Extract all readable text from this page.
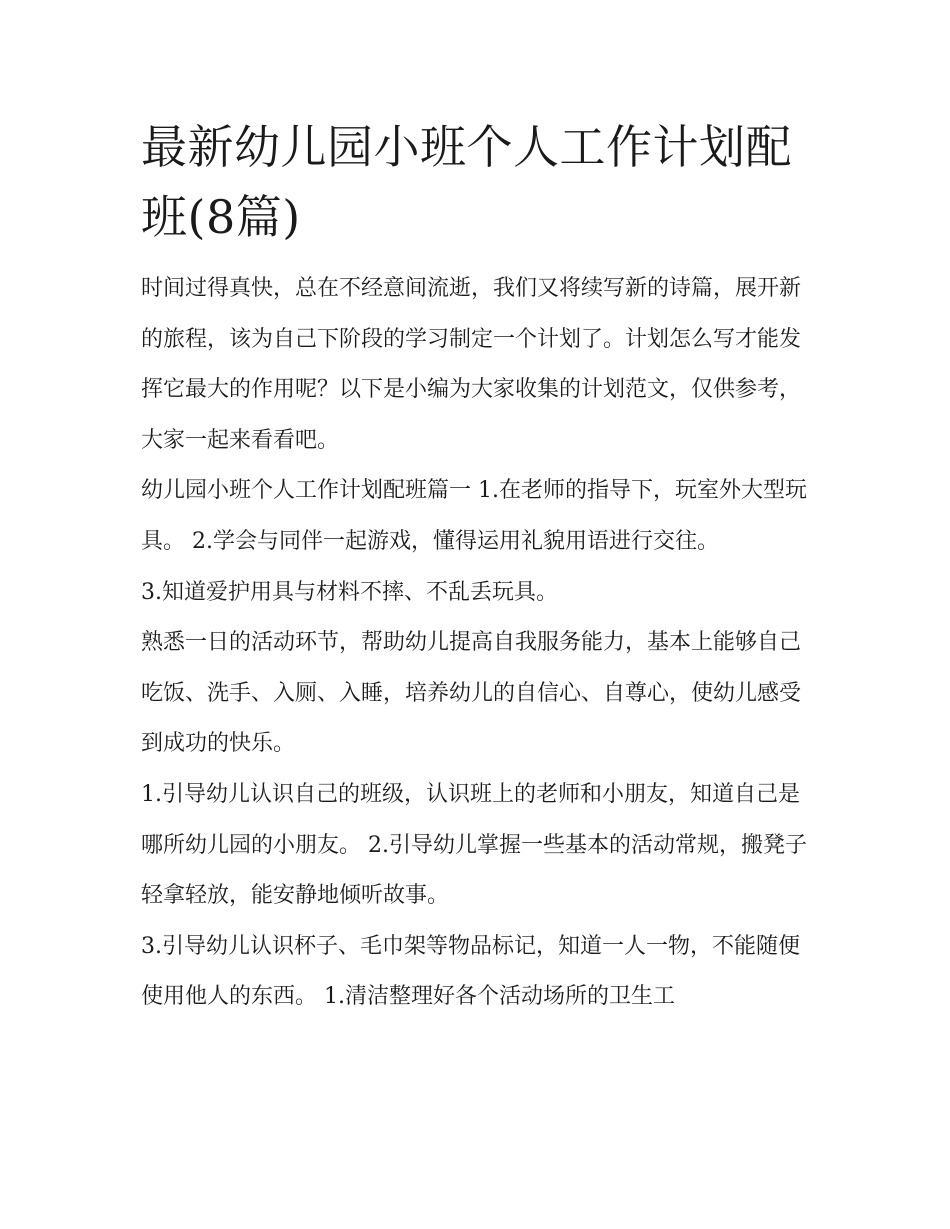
最新幼儿园小班个人工作计划配班(8篇)

时间过得真快，总在不经意间流逝，我们又将续写新的诗篇，展开新的旅程，该为自己下阶段的学习制定一个计划了。计划怎么写才能发挥它最大的作用呢？以下是小编为大家收集的计划范文，仅供参考，大家一起来看看吧。

幼儿园小班个人工作计划配班篇一 1.在老师的指导下，玩室外大型玩具。 2.学会与同伴一起游戏，懂得运用礼貌用语进行交往。

3.知道爱护用具与材料不摔、不乱丢玩具。

熟悉一日的活动环节，帮助幼儿提高自我服务能力，基本上能够自己吃饭、洗手、入厕、入睡，培养幼儿的自信心、自尊心，使幼儿感受到成功的快乐。

1.引导幼儿认识自己的班级，认识班上的老师和小朋友，知道自己是哪所幼儿园的小朋友。 2.引导幼儿掌握一些基本的活动常规，搬凳子轻拿轻放，能安静地倾听故事。

3.引导幼儿认识杯子、毛巾架等物品标记，知道一人一物，不能随便使用他人的东西。 1.清洁整理好各个活动场所的卫生工
